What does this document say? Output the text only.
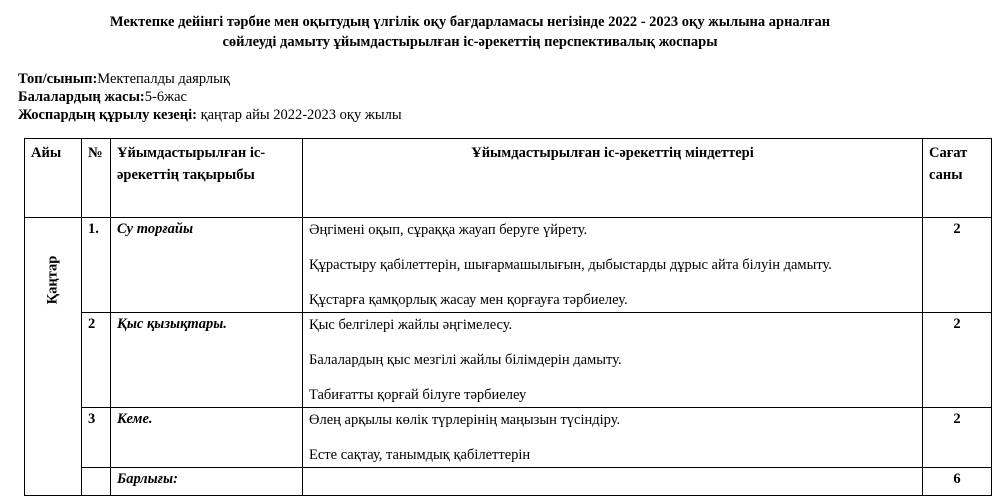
Мектепке дейінгі тәрбие мен оқытудың үлгілік оқу бағдарламасы негізінде 2022 - 2023 оқу жылына арналған
сөйлеуді дамыту ұйымдастырылған іс-әрекеттің перспективалық жоспары
Топ/сынып:Мектепалды даярлық
Балалардың жасы:5-6жас
Жоспардың құрылу кезеңі: қаңтар айы 2022-2023 оқу жылы
Айы	№	Ұйымдастырылған іс-әрекеттің тақырыбы	Ұйымдастырылған іс-әрекеттің міндеттері	Сағат саны

Қаңтар	1.	Су торғайы	Әңгімені оқып, сұраққа жауап беруге үйрету.
Құрастыру қабілеттерін, шығармашылығын, дыбыстарды дұрыс айта білуін дамыту.
Құстарға қамқорлық жасау мен қорғауға тәрбиелеу.	2
	2	Қыс қызықтары.	Қыс белгілері жайлы әңгімелесу.
Балалардың қыс мезгілі жайлы білімдерін дамыту.
Табиғатты қорғай білуге тәрбиелеу	2
	3	Кеме.	Өлең арқылы көлік түрлерінің маңызын түсіндіру.
Есте сақтау, танымдық қабілеттерін	2
		Барлығы:		6
